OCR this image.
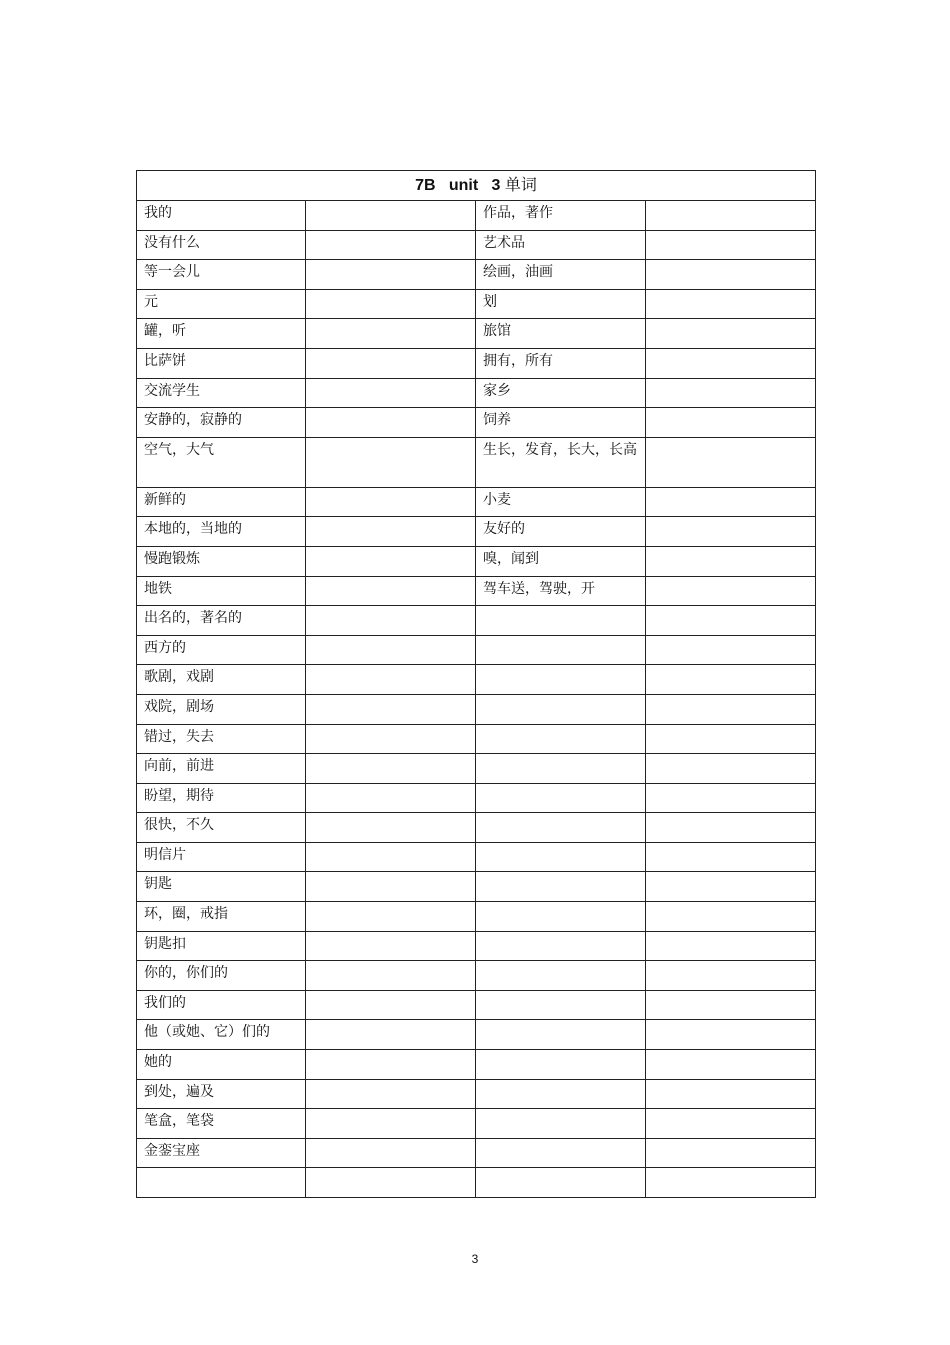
7B   unit   3 单词			
我的		作品，著作	
没有什么		艺术品	
等一会儿		绘画，油画	
元		划	
罐，听		旅馆	
比萨饼		拥有，所有	
交流学生		家乡	
安静的，寂静的		饲养	
空气，大气		生长，发育，长大，长高	
新鲜的		小麦	
本地的，当地的		友好的	
慢跑锻炼		嗅，闻到	
地铁		驾车送，驾驶，开	
出名的，著名的			
西方的			
歌剧，戏剧			
戏院，剧场			
错过，失去			
向前，前进			
盼望，期待			
很快，不久			
明信片			
钥匙			
环，圈，戒指			
钥匙扣			
你的，你们的			
我们的			
他（或她、它）们的			
她的			
到处，遍及			
笔盒，笔袋			
金銮宝座			

3
